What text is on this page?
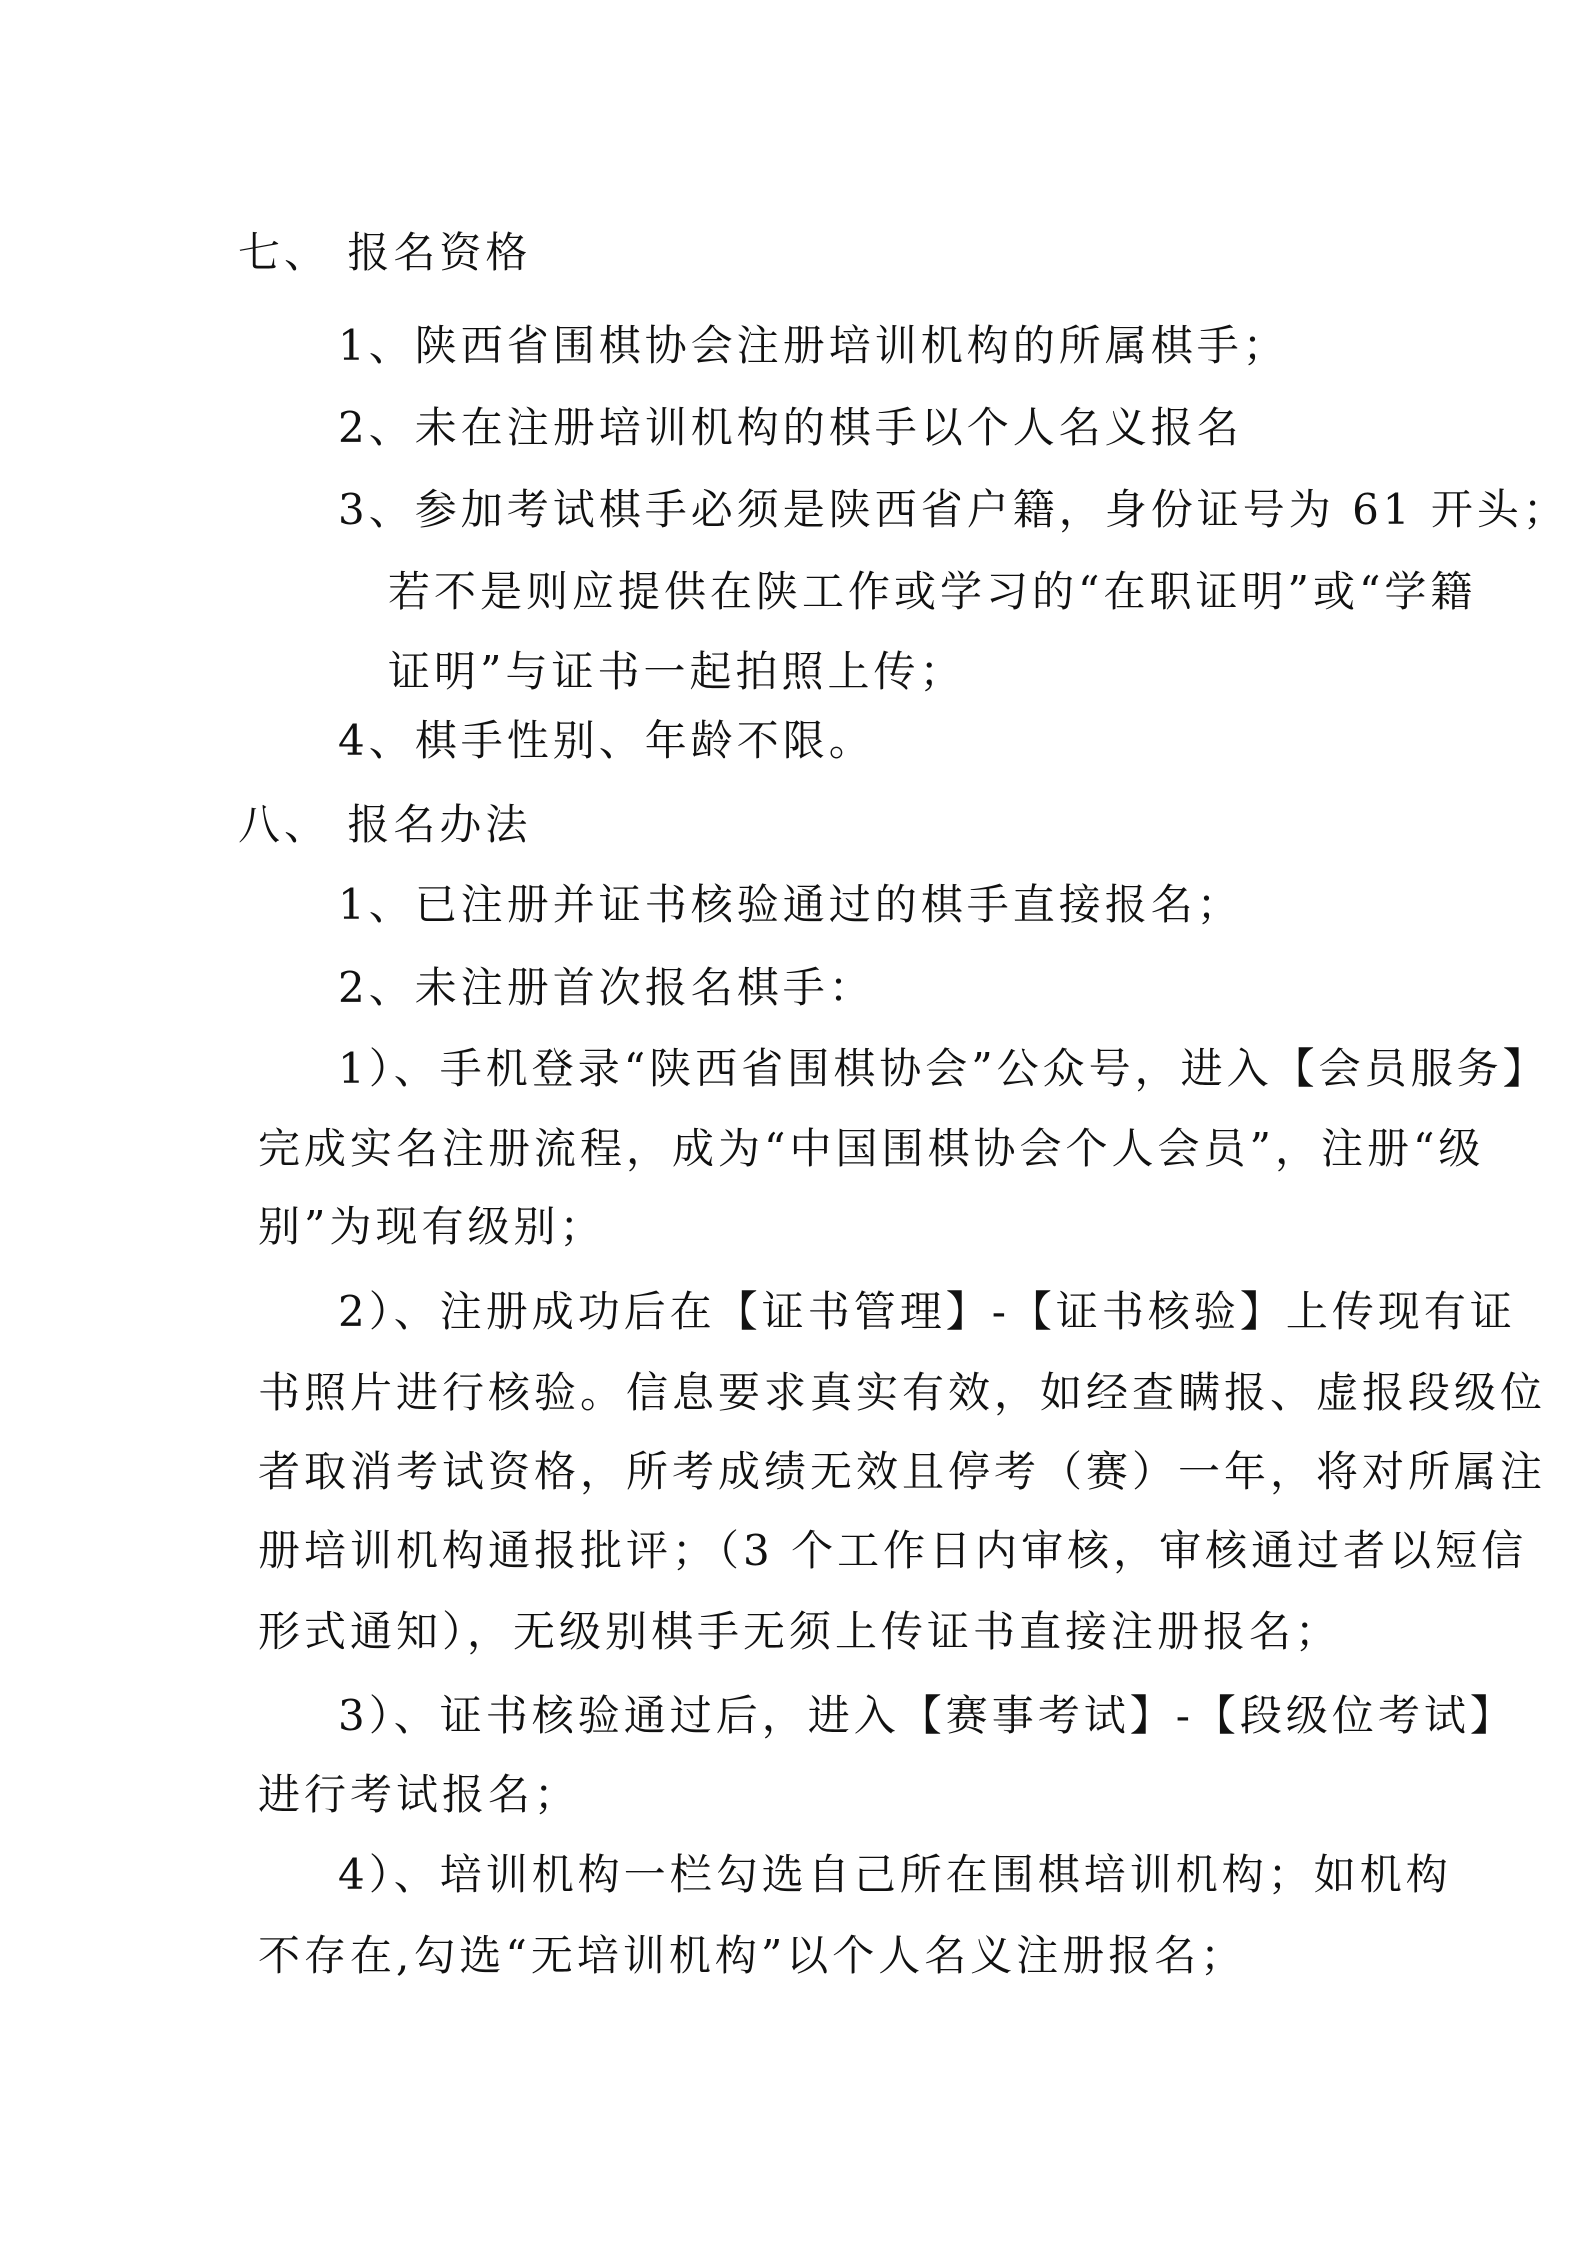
七、 报名资格

1、陕西省围棋协会注册培训机构的所属棋手；

2、未在注册培训机构的棋手以个人名义报名

3、参加考试棋手必须是陕西省户籍，身份证号为 61 开头；

若不是则应提供在陕工作或学习的“在职证明”或“学籍

证明”与证书一起拍照上传；

4、棋手性别、年龄不限。

八、 报名办法

1、已注册并证书核验通过的棋手直接报名；

2、未注册首次报名棋手：

1）、手机登录“陕西省围棋协会”公众号，进入【会员服务】

完成实名注册流程，成为“中国围棋协会个人会员”，注册“级

别”为现有级别；

2）、注册成功后在【证书管理】-【证书核验】上传现有证

书照片进行核验。信息要求真实有效，如经查瞒报、虚报段级位

者取消考试资格，所考成绩无效且停考（赛）一年，将对所属注

册培训机构通报批评；（3 个工作日内审核，审核通过者以短信

形式通知），无级别棋手无须上传证书直接注册报名；

3）、证书核验通过后，进入【赛事考试】-【段级位考试】

进行考试报名；

4）、培训机构一栏勾选自己所在围棋培训机构；如机构

不存在,勾选“无培训机构”以个人名义注册报名；
